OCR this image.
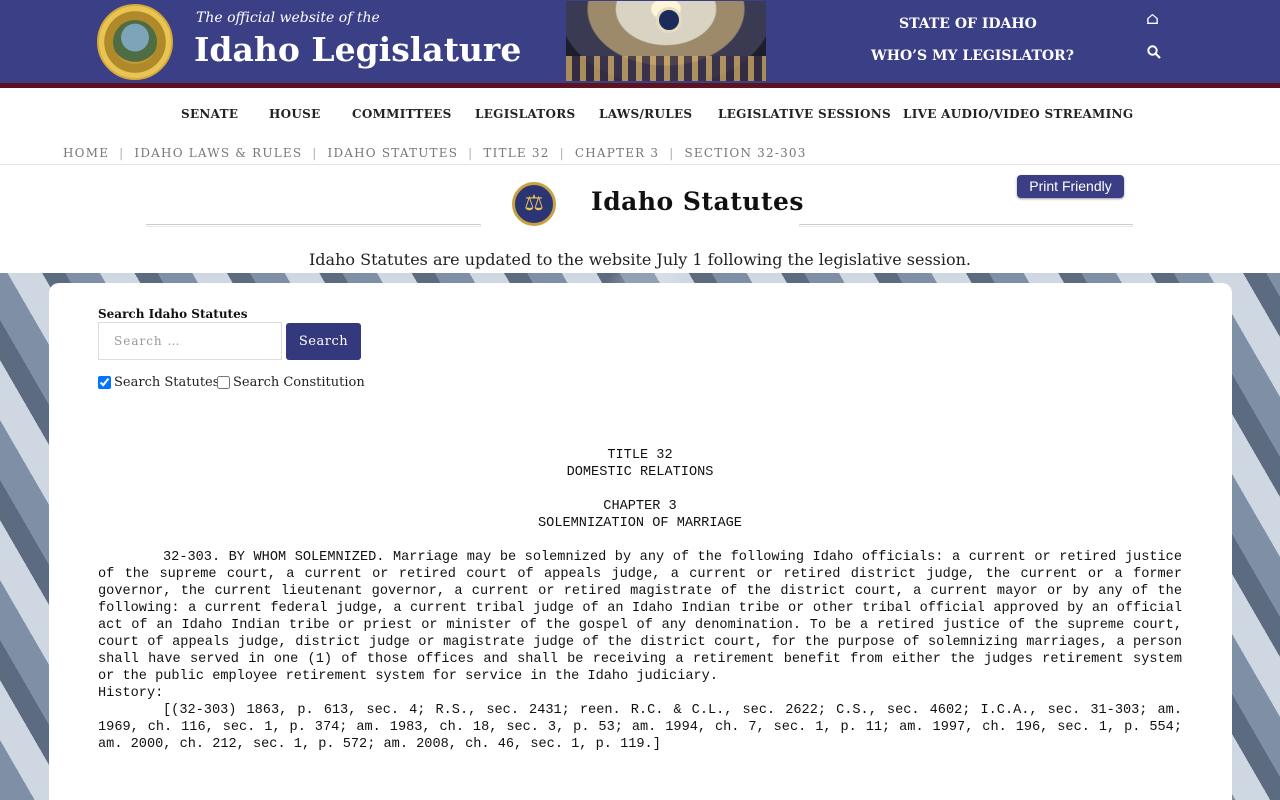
The official website of the
Idaho Legislature
STATE OF IDAHO
WHO’S MY LEGISLATOR?
⌂
SENATE	HOUSE	COMMITTEES LEGISLATORS LAWS/RULES LEGISLATIVE SESSIONS LIVE AUDIO/VIDEO STREAMING
HOME | IDAHO LAWS & RULES | IDAHO STATUTES | TITLE 32 | CHAPTER 3 | SECTION 32-303
⚖	Idaho Statutes
Print Friendly
Idaho Statutes are updated to the website July 1 following the legislative session.
Search Idaho Statutes
Search …
Search
Search Statutes Search Constitution
TITLE 32
DOMESTIC RELATIONS
CHAPTER 3
SOLEMNIZATION OF MARRIAGE
32-303. BY WHOM SOLEMNIZED. Marriage may be solemnized by any of the following Idaho officials: a current or retired justice of the supreme court, a current or retired court of appeals judge, a current or retired district judge, the current or a former governor, the current lieutenant governor, a current or retired magistrate of the district court, a current mayor or by any of the following: a current federal judge, a current tribal judge of an Idaho Indian tribe or other tribal official approved by an official act of an Idaho Indian tribe or priest or minister of the gospel of any denomination. To be a retired justice of the supreme court, court of appeals judge, district judge or magistrate judge of the district court, for the purpose of solemnizing marriages, a person shall have served in one (1) of those offices and shall be receiving a retirement benefit from either the judges retirement system or the public employee retirement system for service in the Idaho judiciary.
History:
[(32-303) 1863, p. 613, sec. 4; R.S., sec. 2431; reen. R.C. & C.L., sec. 2622; C.S., sec. 4602; I.C.A., sec. 31-303; am. 1969, ch. 116, sec. 1, p. 374; am. 1983, ch. 18, sec. 3, p. 53; am. 1994, ch. 7, sec. 1, p. 11; am. 1997, ch. 196, sec. 1, p. 554; am. 2000, ch. 212, sec. 1, p. 572; am. 2008, ch. 46, sec. 1, p. 119.]
